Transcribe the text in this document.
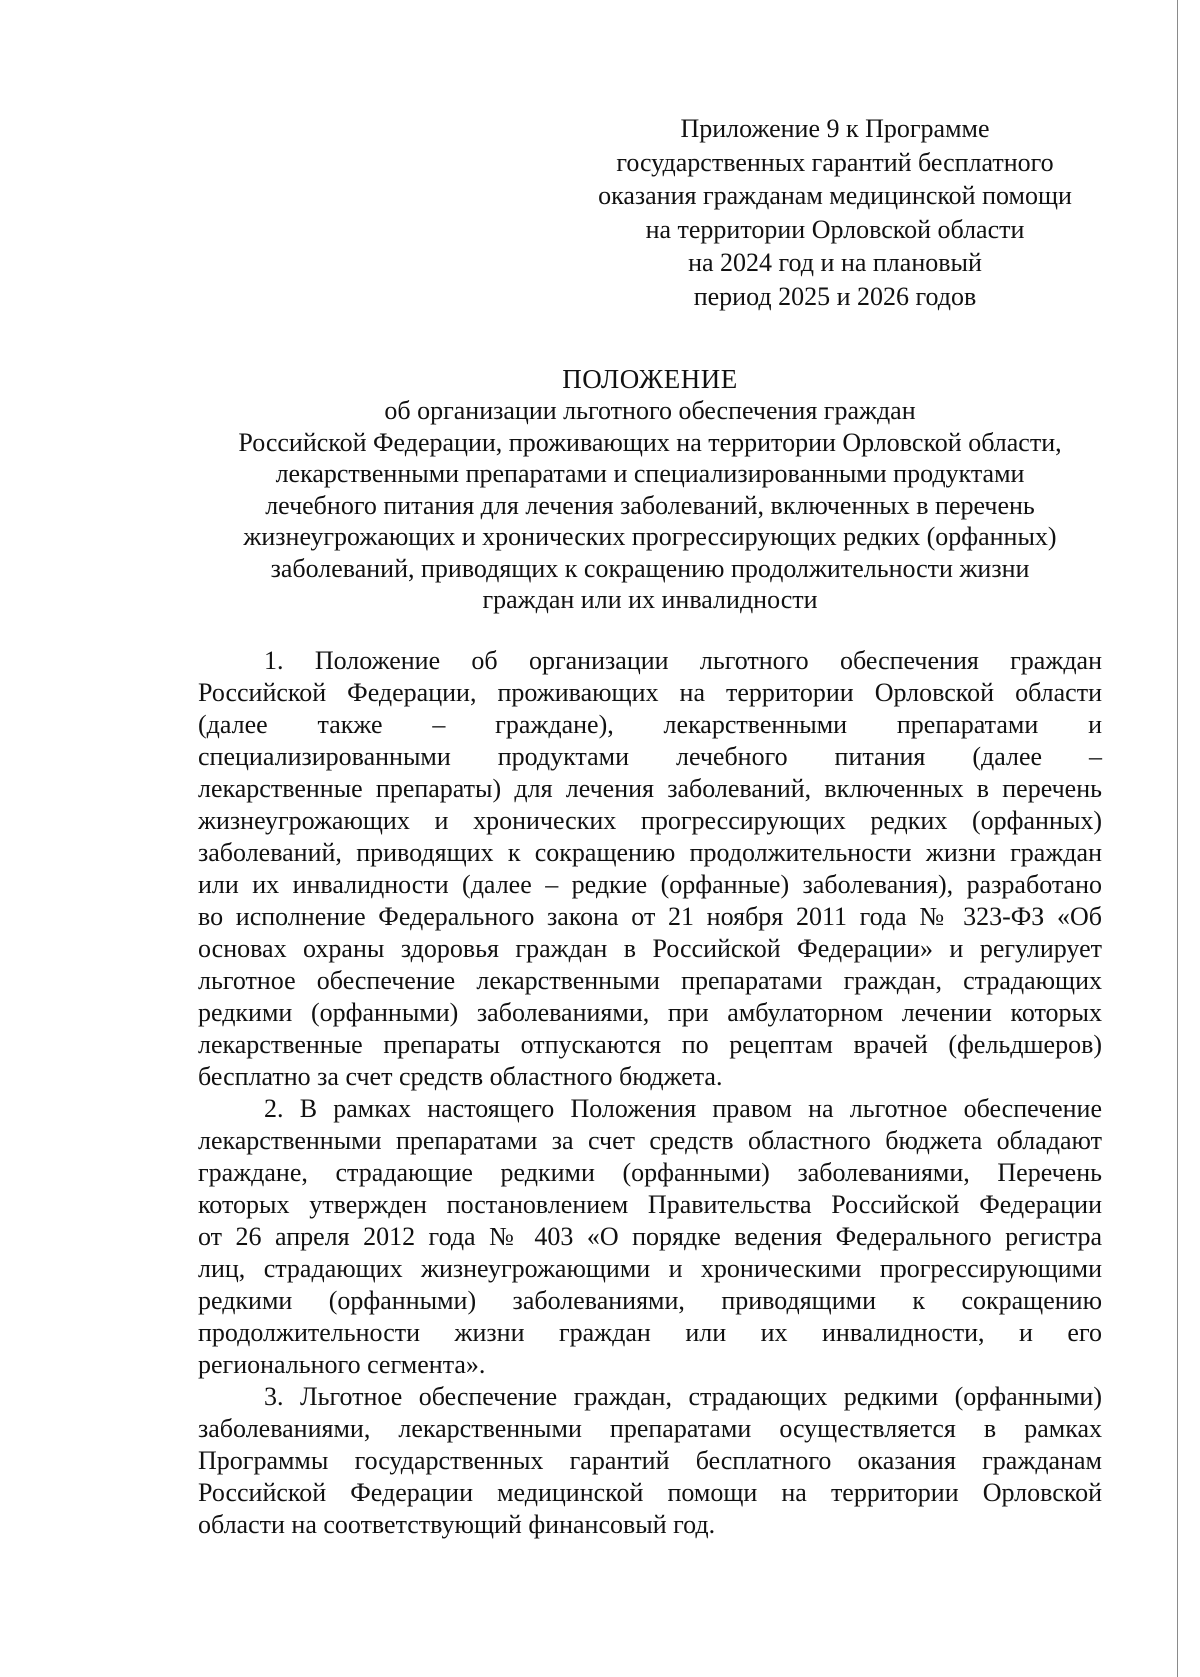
Приложение 9 к Программе
государственных гарантий бесплатного
оказания гражданам медицинской помощи
на территории Орловской области
на 2024 год и на плановый
период 2025 и 2026 годов
ПОЛОЖЕНИЕ
об организации льготного обеспечения граждан
Российской Федерации, проживающих на территории Орловской области,
лекарственными препаратами и специализированными продуктами
лечебного питания для лечения заболеваний, включенных в перечень
жизнеугрожающих и хронических прогрессирующих редких (орфанных)
заболеваний, приводящих к сокращению продолжительности жизни
граждан или их инвалидности
1. Положение об организации льготного обеспечения граждан
Российской Федерации, проживающих на территории Орловской области
(далее также – граждане), лекарственными препаратами и
специализированными продуктами лечебного питания (далее –
лекарственные препараты) для лечения заболеваний, включенных в перечень
жизнеугрожающих и хронических прогрессирующих редких (орфанных)
заболеваний, приводящих к сокращению продолжительности жизни граждан
или их инвалидности (далее – редкие (орфанные) заболевания), разработано
во исполнение Федерального закона от 21 ноября 2011 года № 323-ФЗ «Об
основах охраны здоровья граждан в Российской Федерации» и регулирует
льготное обеспечение лекарственными препаратами граждан, страдающих
редкими (орфанными) заболеваниями, при амбулаторном лечении которых
лекарственные препараты отпускаются по рецептам врачей (фельдшеров)
бесплатно за счет средств областного бюджета.
2. В рамках настоящего Положения правом на льготное обеспечение
лекарственными препаратами за счет средств областного бюджета обладают
граждане, страдающие редкими (орфанными) заболеваниями, Перечень
которых утвержден постановлением Правительства Российской Федерации
от 26 апреля 2012 года № 403 «О порядке ведения Федерального регистра
лиц, страдающих жизнеугрожающими и хроническими прогрессирующими
редкими (орфанными) заболеваниями, приводящими к сокращению
продолжительности жизни граждан или их инвалидности, и его
регионального сегмента».
3. Льготное обеспечение граждан, страдающих редкими (орфанными)
заболеваниями, лекарственными препаратами осуществляется в рамках
Программы государственных гарантий бесплатного оказания гражданам
Российской Федерации медицинской помощи на территории Орловской
области на соответствующий финансовый год.
